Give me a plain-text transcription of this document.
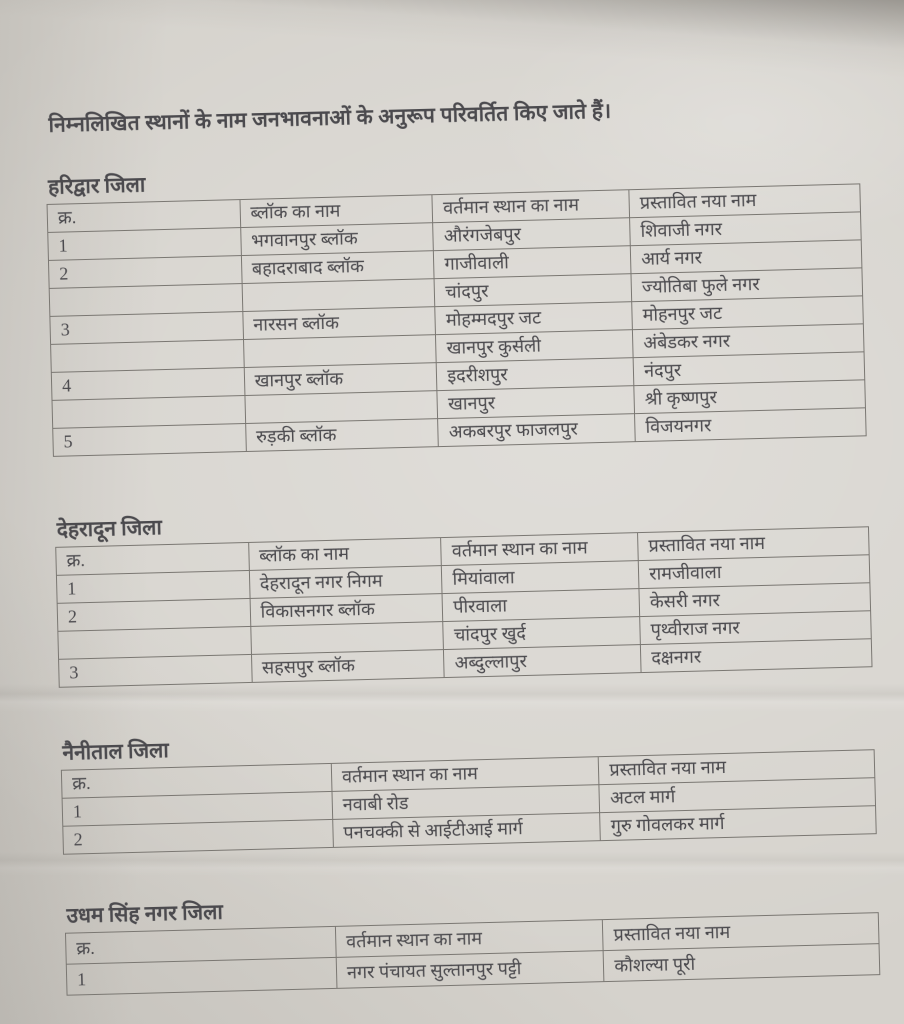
निम्नलिखित स्थानों के नाम जनभावनाओं के अनुरूप परिवर्तित किए जाते हैं।
हरिद्वार जिला
क्र.	ब्लॉक का नाम	वर्तमान स्थान का नाम	प्रस्तावित नया नाम
1	भगवानपुर ब्लॉक	औरंगजेबपुर	शिवाजी नगर
2	बहादराबाद ब्लॉक	गाजीवाली	आर्य नगर
		चांदपुर	ज्योतिबा फुले नगर
3	नारसन ब्लॉक	मोहम्मदपुर जट	मोहनपुर जट
		खानपुर कुर्सली	अंबेडकर नगर
4	खानपुर ब्लॉक	इदरीशपुर	नंदपुर
		खानपुर	श्री कृष्णपुर
5	रुड़की ब्लॉक	अकबरपुर फाजलपुर	विजयनगर
देहरादून जिला
क्र.	ब्लॉक का नाम	वर्तमान स्थान का नाम	प्रस्तावित नया नाम
1	देहरादून नगर निगम	मियांवाला	रामजीवाला
2	विकासनगर ब्लॉक	पीरवाला	केसरी नगर
		चांदपुर खुर्द	पृथ्वीराज नगर
3	सहसपुर ब्लॉक	अब्दुल्लापुर	दक्षनगर
नैनीताल जिला
क्र.	वर्तमान स्थान का नाम	प्रस्तावित नया नाम
1	नवाबी रोड	अटल मार्ग
2	पनचक्की से आईटीआई मार्ग	गुरु गोवलकर मार्ग
उधम सिंह नगर जिला
क्र.	वर्तमान स्थान का नाम	प्रस्तावित नया नाम
1	नगर पंचायत सुल्तानपुर पट्टी	कौशल्या पूरी
